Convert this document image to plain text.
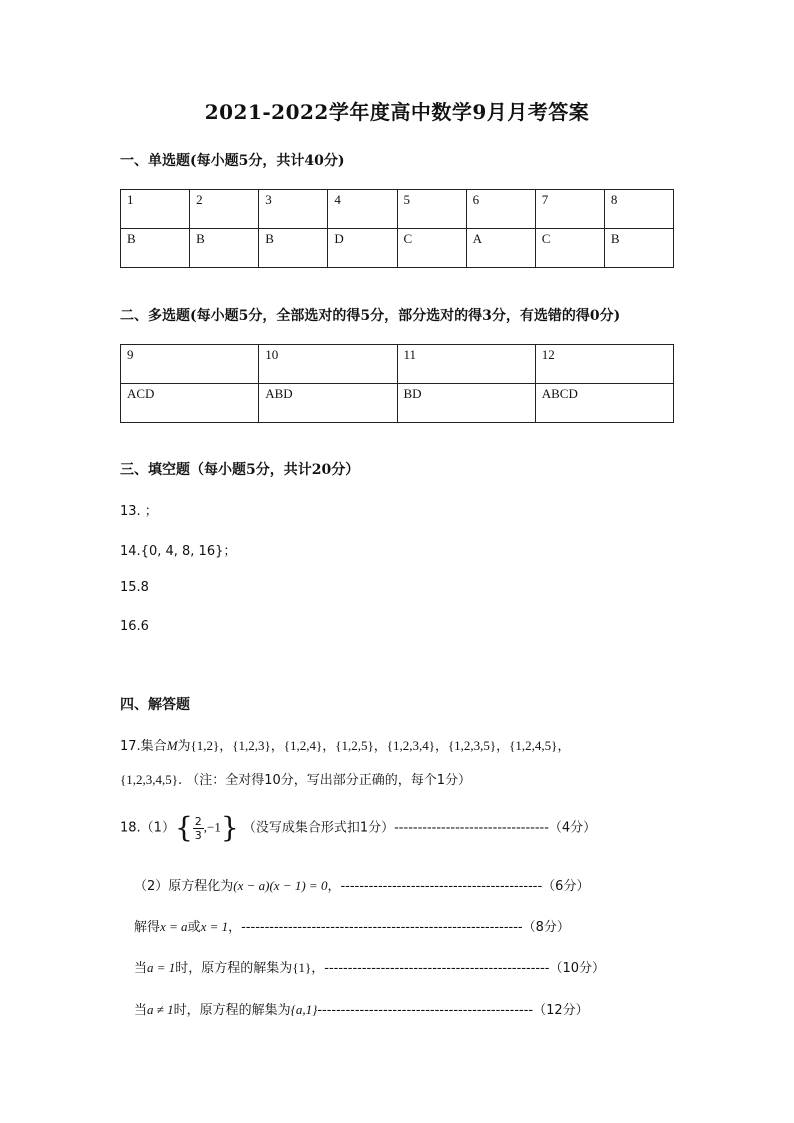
2021-2022学年度高中数学9月月考答案
一、单选题(每小题5分，共计40分)
1	2	3	4	5	6	7	8
B	B	B	D	C	A	C	B
二、多选题(每小题5分，全部选对的得5分，部分选对的得3分，有选错的得0分)
9	10	11	12
ACD	ABD	BD	ABCD
三、填空题（每小题5分，共计20分）
13. ；
14.{0, 4, 8, 16}；
15.8
16.6
四、解答题
17.集合M为{1,2}，{1,2,3}，{1,2,4}，{1,2,5}，{1,2,3,4}，{1,2,3,5}，{1,2,4,5}，
{1,2,3,4,5}. （注：全对得10分，写出部分正确的，每个1分）
$18.(1)\{ \frac{2}{3} ,-1\}$ （没写成集合形式扣1分）---------------------------------（4分）
（2）原方程化为(x − a)(x − 1) = 0，-------------------------------------------（6分）
解得x = a或x = 1，------------------------------------------------------------（8分）
当a = 1时，原方程的解集为{1}，------------------------------------------------（10分）
当a ≠ 1时，原方程的解集为{a,1}----------------------------------------------（12分）
